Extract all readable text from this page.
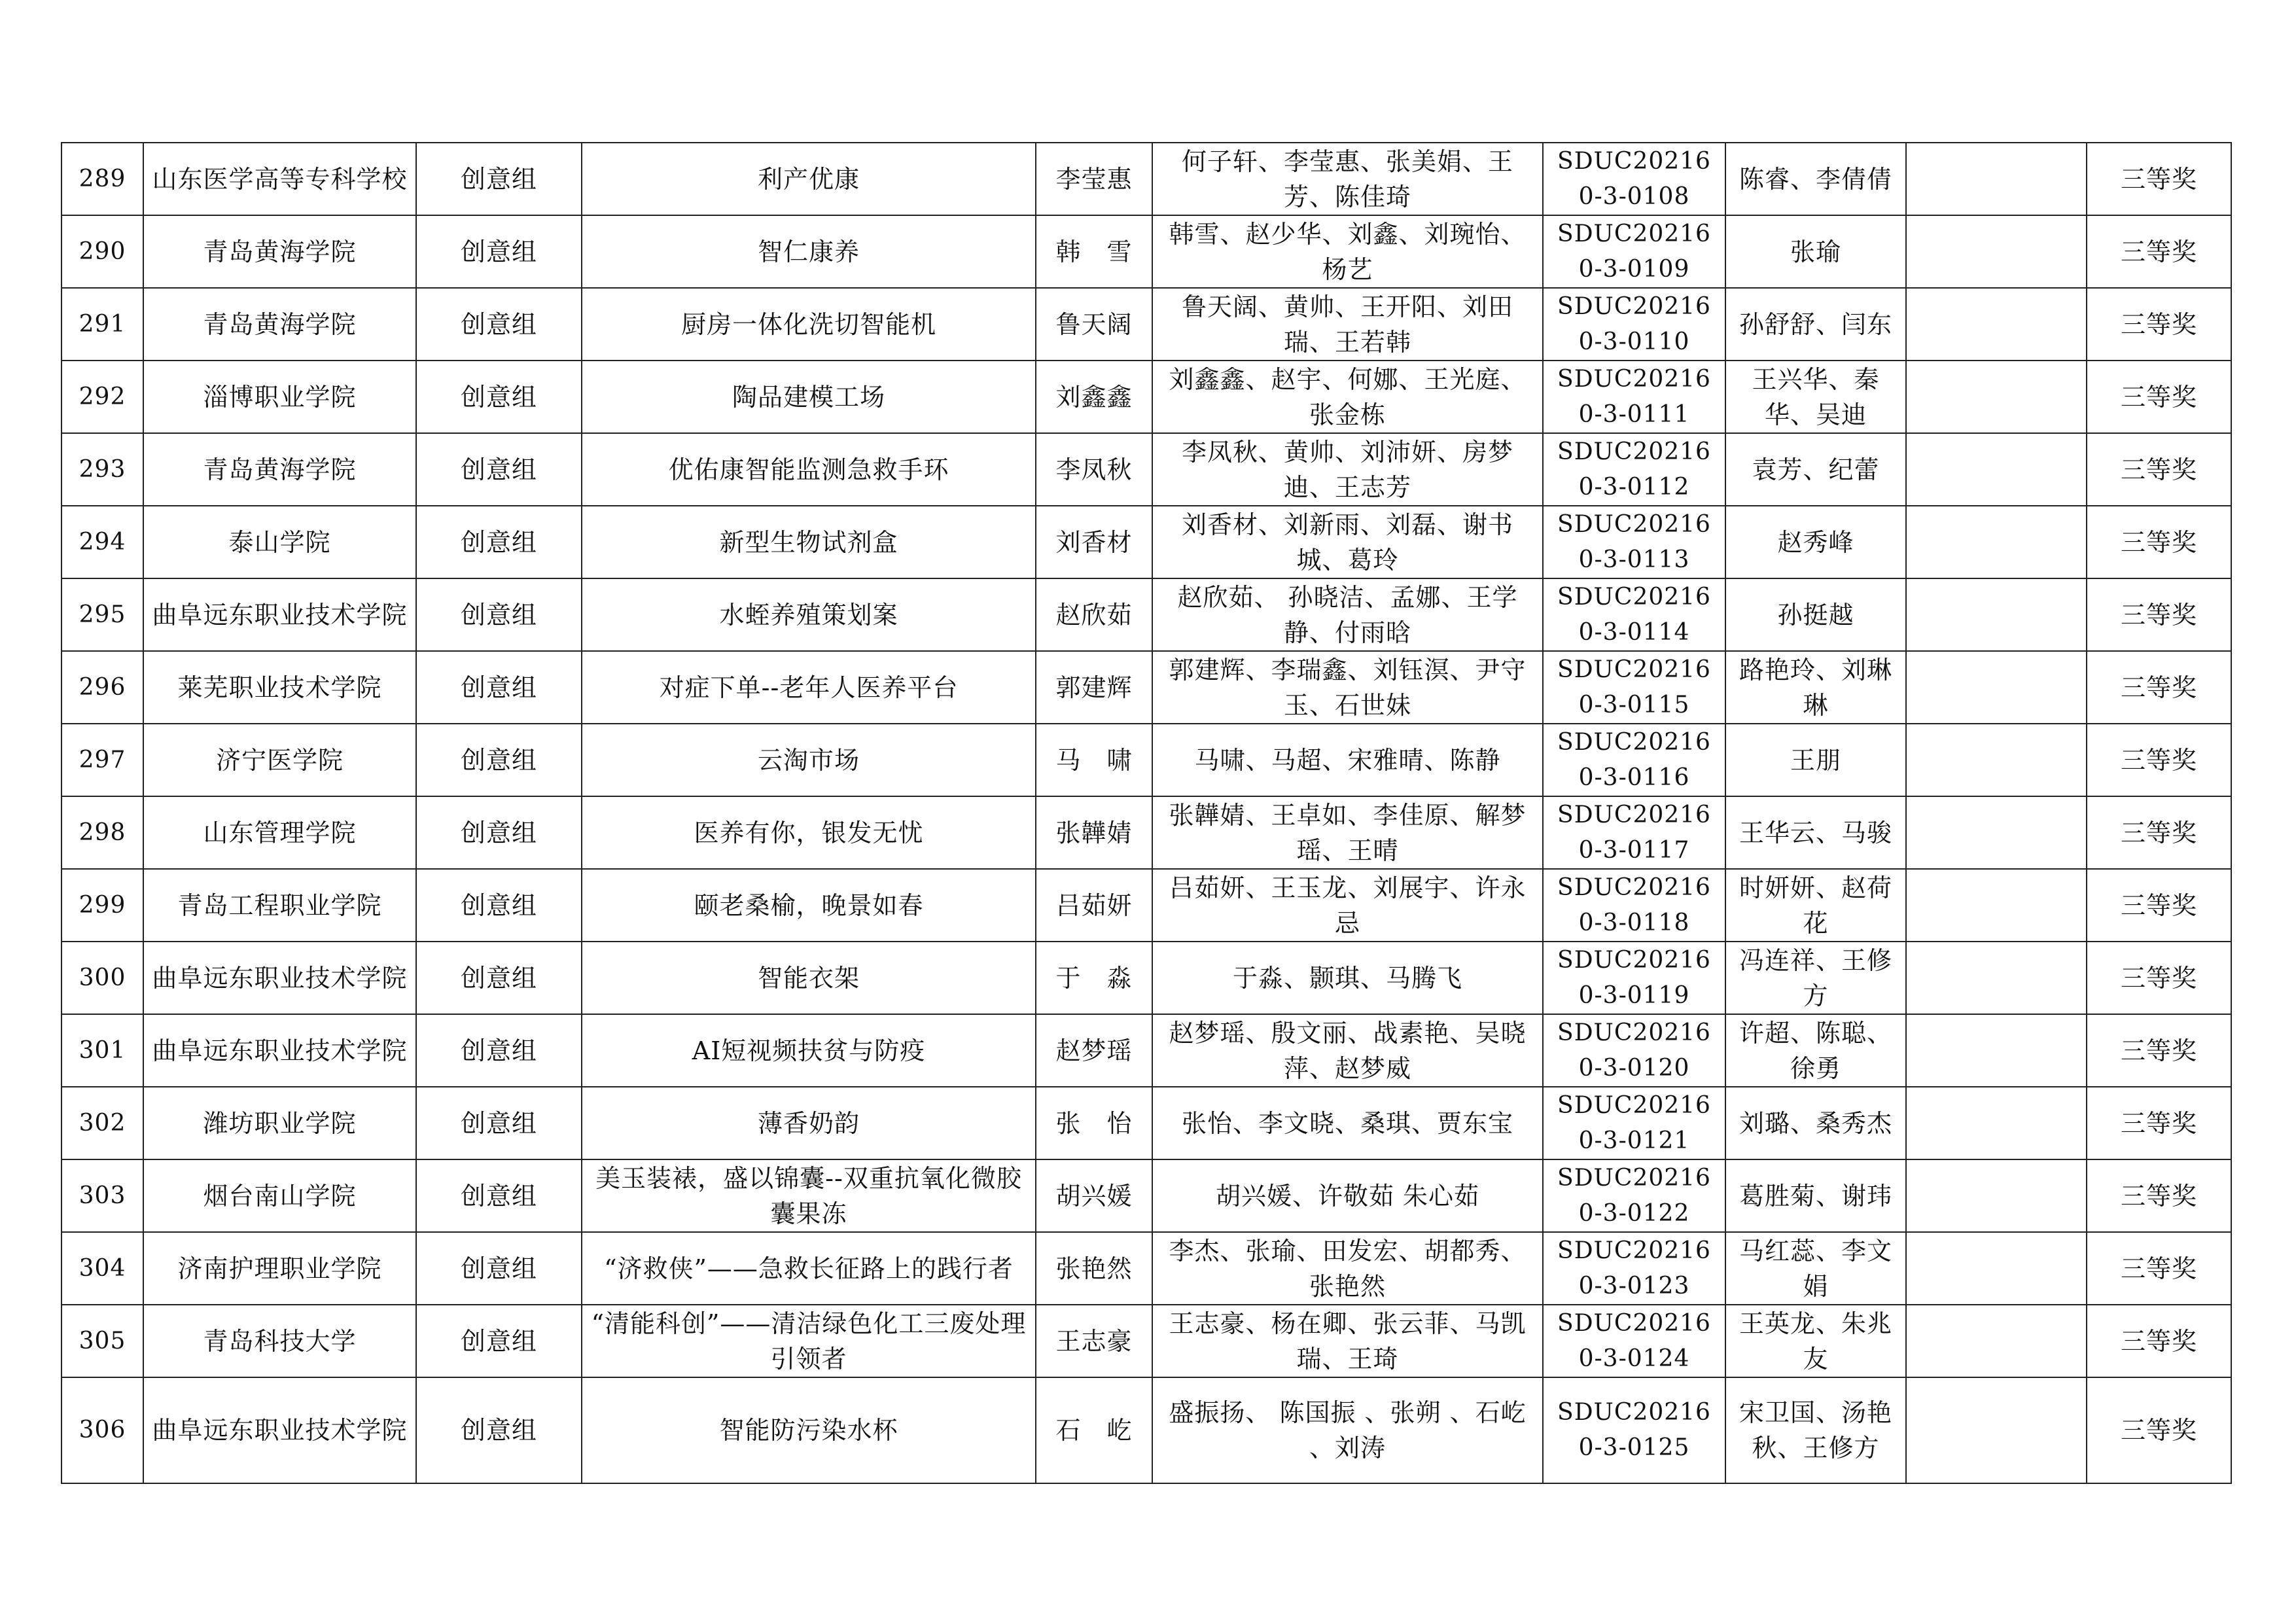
289	山东医学高等专科学校	创意组	利产优康	李莹惠	何子轩、李莹惠、张美娟、王芳、陈佳琦	SDUC202160-3-0108	陈睿、李倩倩		三等奖
290	青岛黄海学院	创意组	智仁康养	韩　雪	韩雪、赵少华、刘鑫、刘琬怡、杨艺	SDUC202160-3-0109	张瑜		三等奖
291	青岛黄海学院	创意组	厨房一体化洗切智能机	鲁天阔	鲁天阔、黄帅、王开阳、刘田瑞、王若韩	SDUC202160-3-0110	孙舒舒、闫东		三等奖
292	淄博职业学院	创意组	陶品建模工场	刘鑫鑫	刘鑫鑫、赵宇、何娜、王光庭、张金栋	SDUC202160-3-0111	王兴华、秦华、吴迪		三等奖
293	青岛黄海学院	创意组	优佑康智能监测急救手环	李凤秋	李凤秋、黄帅、刘沛妍、房梦迪、王志芳	SDUC202160-3-0112	袁芳、纪蕾		三等奖
294	泰山学院	创意组	新型生物试剂盒	刘香材	刘香材、刘新雨、刘磊、谢书城、葛玲	SDUC202160-3-0113	赵秀峰		三等奖
295	曲阜远东职业技术学院	创意组	水蛭养殖策划案	赵欣茹	赵欣茹、 孙晓洁、孟娜、王学静、付雨晗	SDUC202160-3-0114	孙挺越		三等奖
296	莱芜职业技术学院	创意组	对症下单--老年人医养平台	郭建辉	郭建辉、李瑞鑫、刘钰溟、尹守玉、石世妹	SDUC202160-3-0115	路艳玲、刘琳琳		三等奖
297	济宁医学院	创意组	云淘市场	马　啸	马啸、马超、宋雅晴、陈静	SDUC202160-3-0116	王朋		三等奖
298	山东管理学院	创意组	医养有你，银发无忧	张韡婧	张韡婧、王卓如、李佳原、解梦瑶、王晴	SDUC202160-3-0117	王华云、马骏		三等奖
299	青岛工程职业学院	创意组	颐老桑榆，晚景如春	吕茹妍	吕茹妍、王玉龙、刘展宇、许永忌	SDUC202160-3-0118	时妍妍、赵荷花		三等奖
300	曲阜远东职业技术学院	创意组	智能衣架	于　淼	于淼、颢琪、马腾飞	SDUC202160-3-0119	冯连祥、王修方		三等奖
301	曲阜远东职业技术学院	创意组	AI短视频扶贫与防疫	赵梦瑶	赵梦瑶、殷文丽、战素艳、吴晓萍、赵梦威	SDUC202160-3-0120	许超、陈聪、徐勇		三等奖
302	潍坊职业学院	创意组	薄香奶韵	张　怡	张怡、李文晓、桑琪、贾东宝	SDUC202160-3-0121	刘璐、桑秀杰		三等奖
303	烟台南山学院	创意组	美玉装裱，盛以锦囊--双重抗氧化微胶囊果冻	胡兴媛	胡兴媛、许敬茹 朱心茹	SDUC202160-3-0122	葛胜菊、谢玮		三等奖
304	济南护理职业学院	创意组	“济救侠”——急救长征路上的践行者	张艳然	李杰、张瑜、田发宏、胡都秀、张艳然	SDUC202160-3-0123	马红蕊、李文娟		三等奖
305	青岛科技大学	创意组	“清能科创”——清洁绿色化工三废处理引领者	王志豪	王志豪、杨在卿、张云菲、马凯瑞、王琦	SDUC202160-3-0124	王英龙、朱兆友		三等奖
306	曲阜远东职业技术学院	创意组	智能防污染水杯	石　屹	盛振扬、 陈国振 、张朔 、石屹 、刘涛	SDUC202160-3-0125	宋卫国、汤艳秋、王修方		三等奖
